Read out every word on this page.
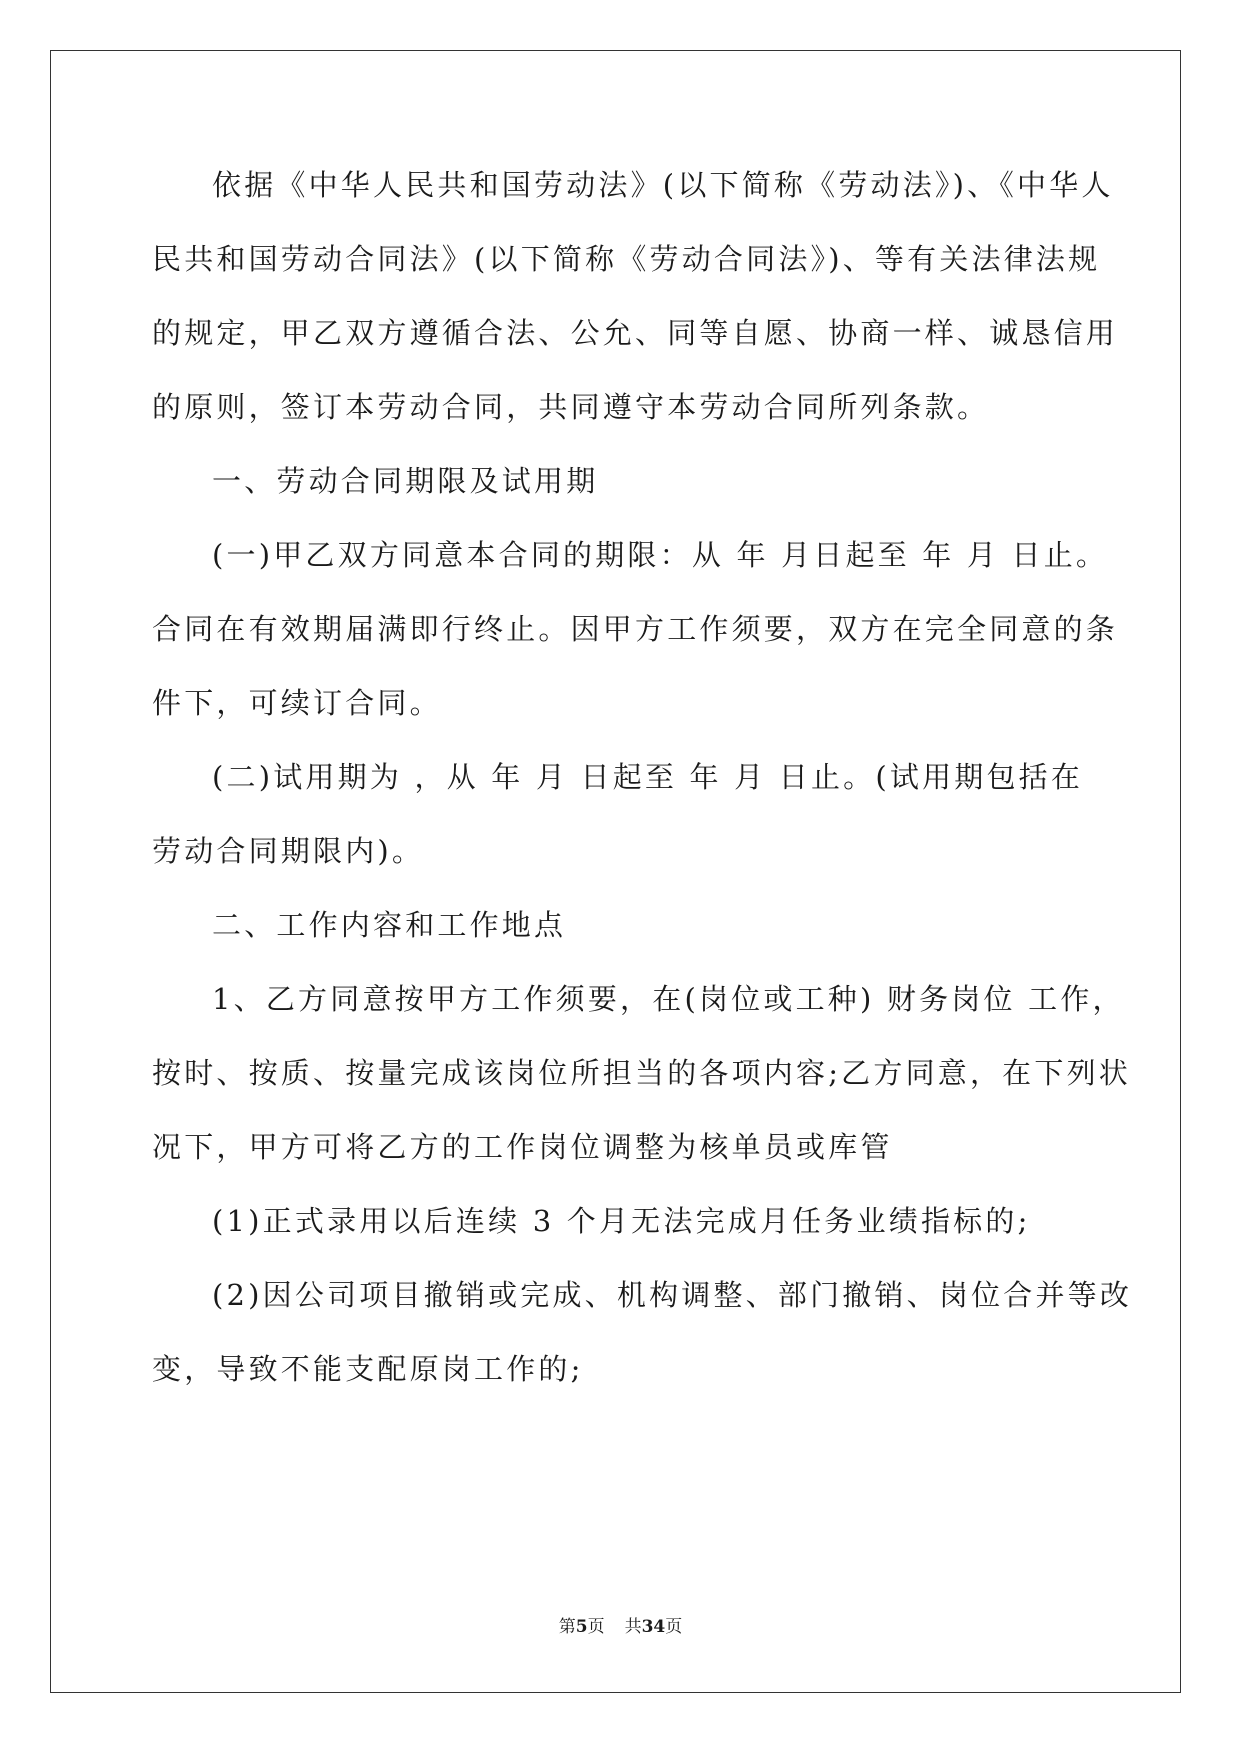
依据《中华人民共和国劳动法》(以下简称《劳动法》)、《中华人
民共和国劳动合同法》(以下简称《劳动合同法》)、等有关法律法规
的规定，甲乙双方遵循合法、公允、同等自愿、协商一样、诚恳信用
的原则，签订本劳动合同，共同遵守本劳动合同所列条款。
一、劳动合同期限及试用期
(一)甲乙双方同意本合同的期限：从 年 月日起至 年 月 日止。
合同在有效期届满即行终止。因甲方工作须要，双方在完全同意的条
件下，可续订合同。
(二)试用期为 ，从 年 月 日起至 年 月 日止。(试用期包括在
劳动合同期限内)。
二、工作内容和工作地点
1、乙方同意按甲方工作须要，在(岗位或工种) 财务岗位 工作，
按时、按质、按量完成该岗位所担当的各项内容;乙方同意，在下列状
况下，甲方可将乙方的工作岗位调整为核单员或库管
(1)正式录用以后连续 3 个月无法完成月任务业绩指标的;
(2)因公司项目撤销或完成、机构调整、部门撤销、岗位合并等改
变，导致不能支配原岗工作的;
第5页 共34页
